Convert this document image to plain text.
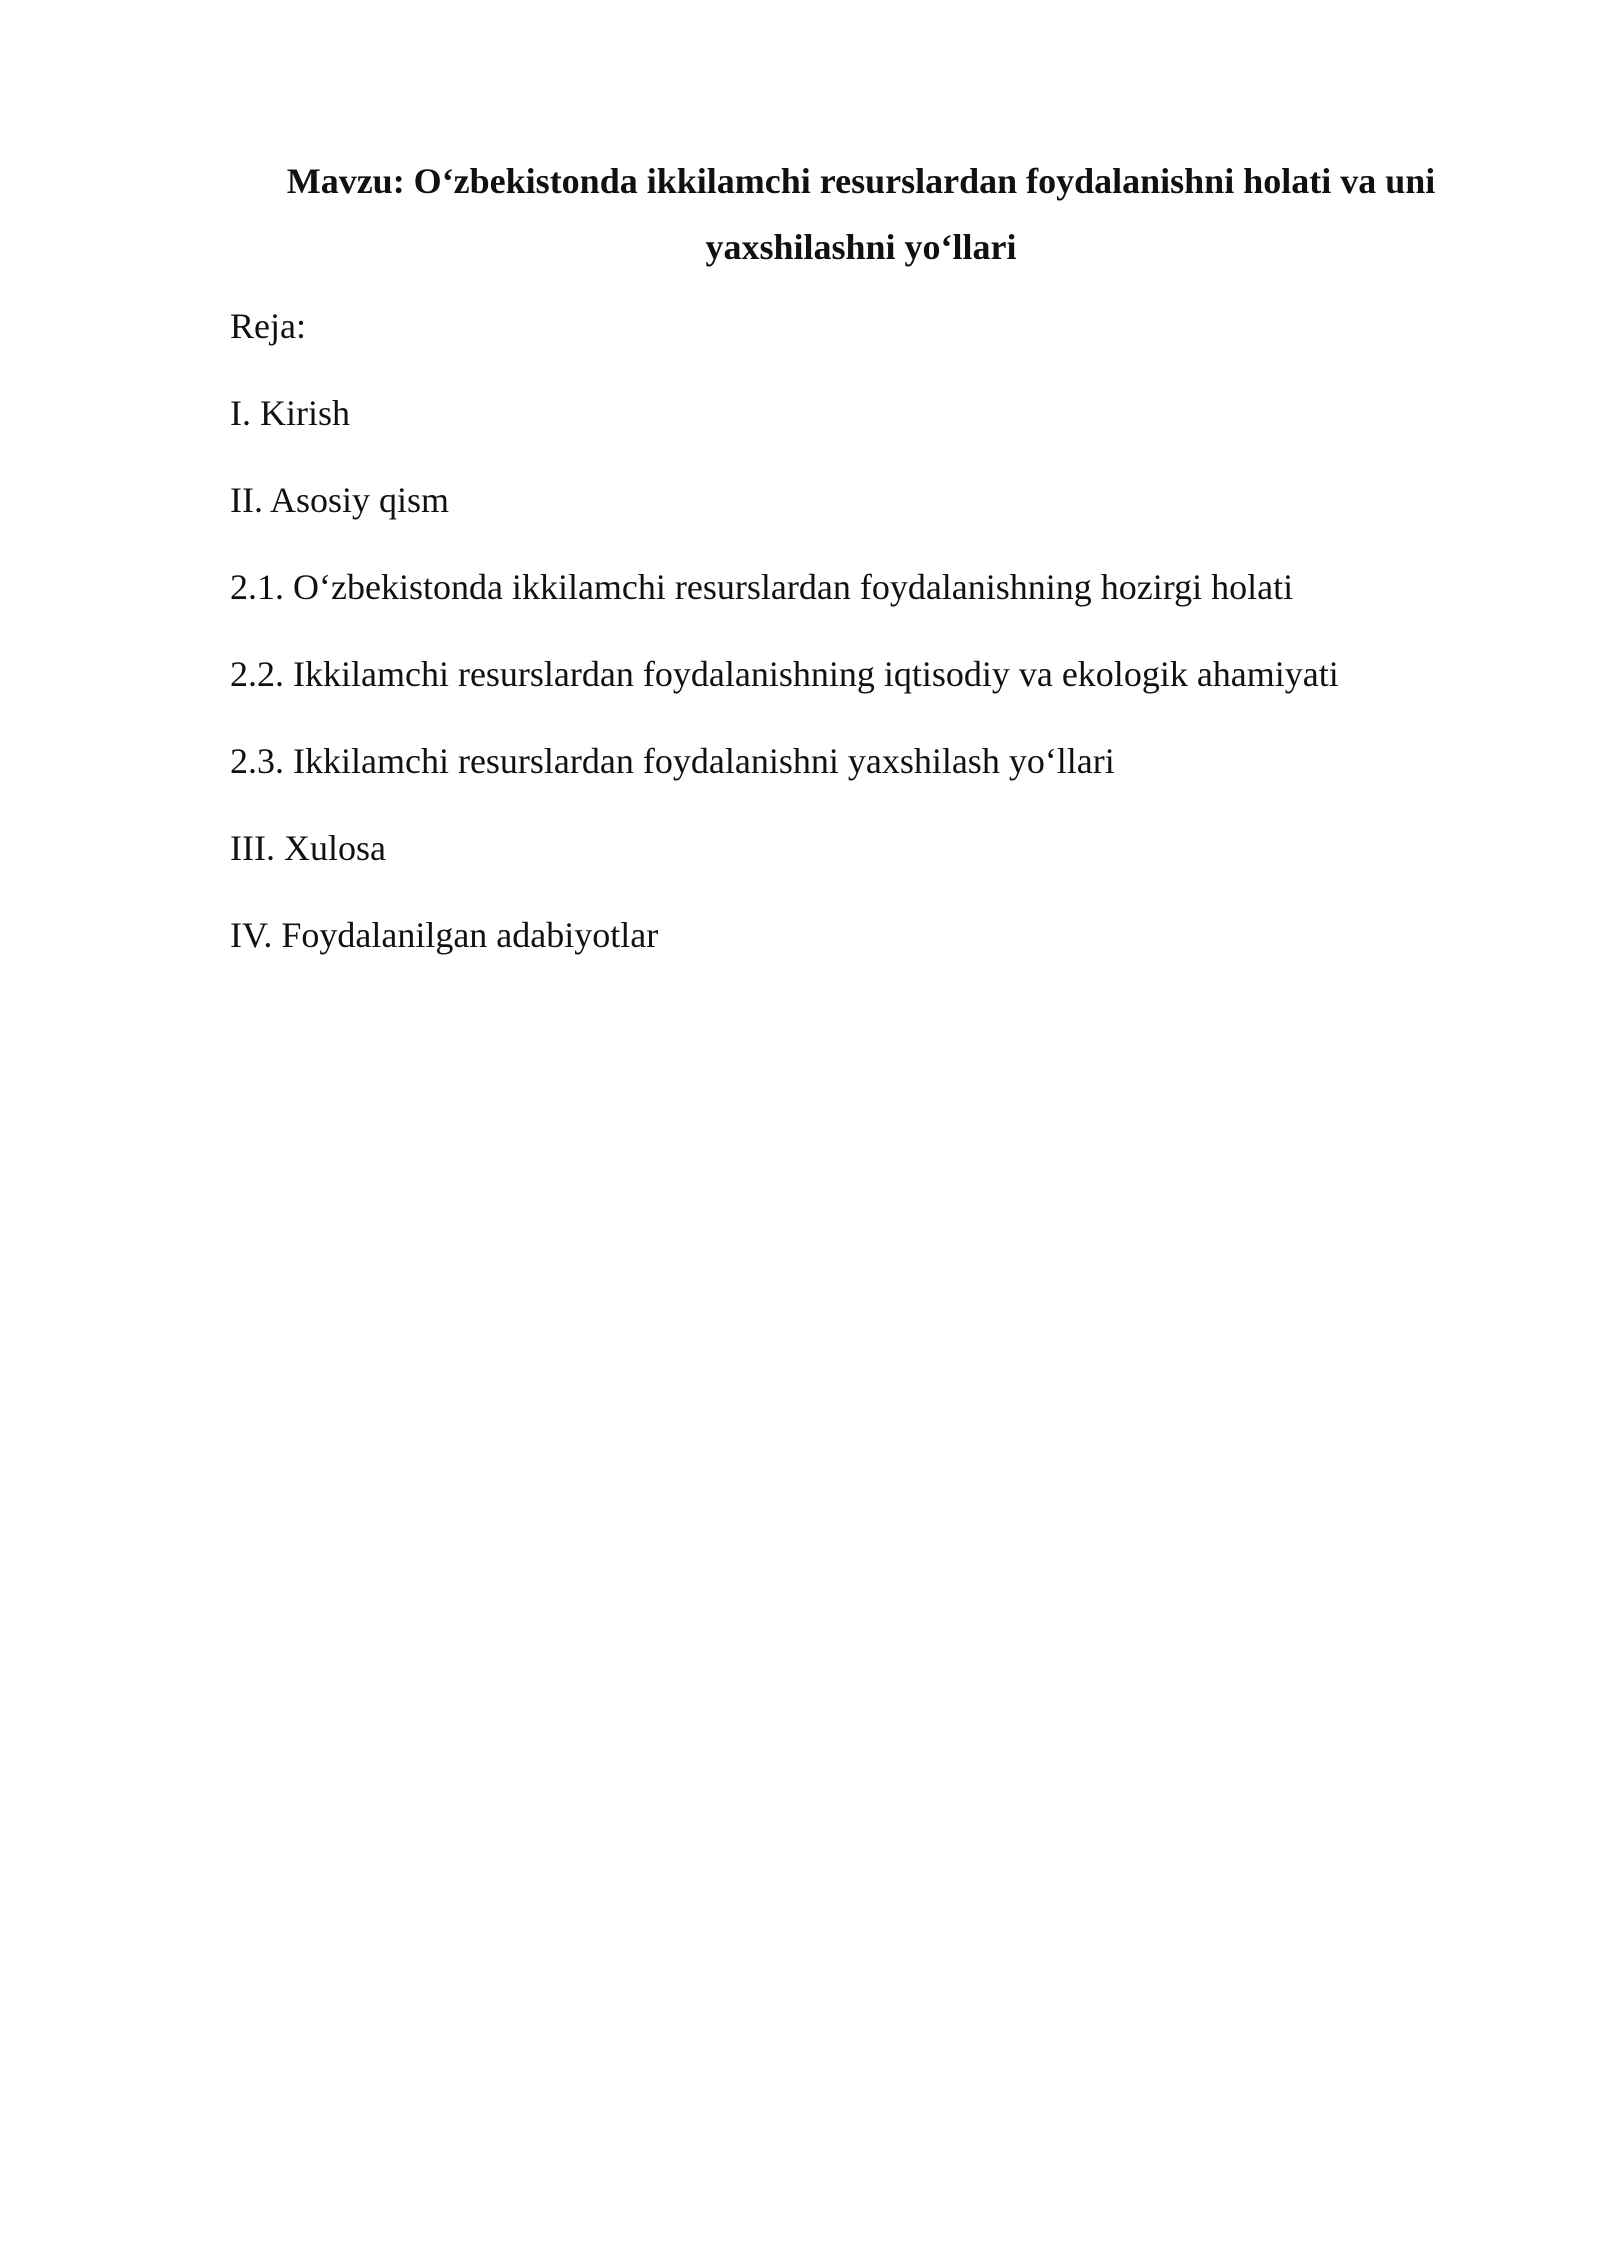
Mavzu: O‘zbekistonda ikkilamchi resurslardan foydalanishni holati va uni
yaxshilashni yo‘llari

Reja:

I. Kirish
II. Asosiy qism
2.1. O‘zbekistonda ikkilamchi resurslardan foydalanishning hozirgi holati
2.2. Ikkilamchi resurslardan foydalanishning iqtisodiy va ekologik ahamiyati
2.3. Ikkilamchi resurslardan foydalanishni yaxshilash yo‘llari
III. Xulosa
IV. Foydalanilgan adabiyotlar
